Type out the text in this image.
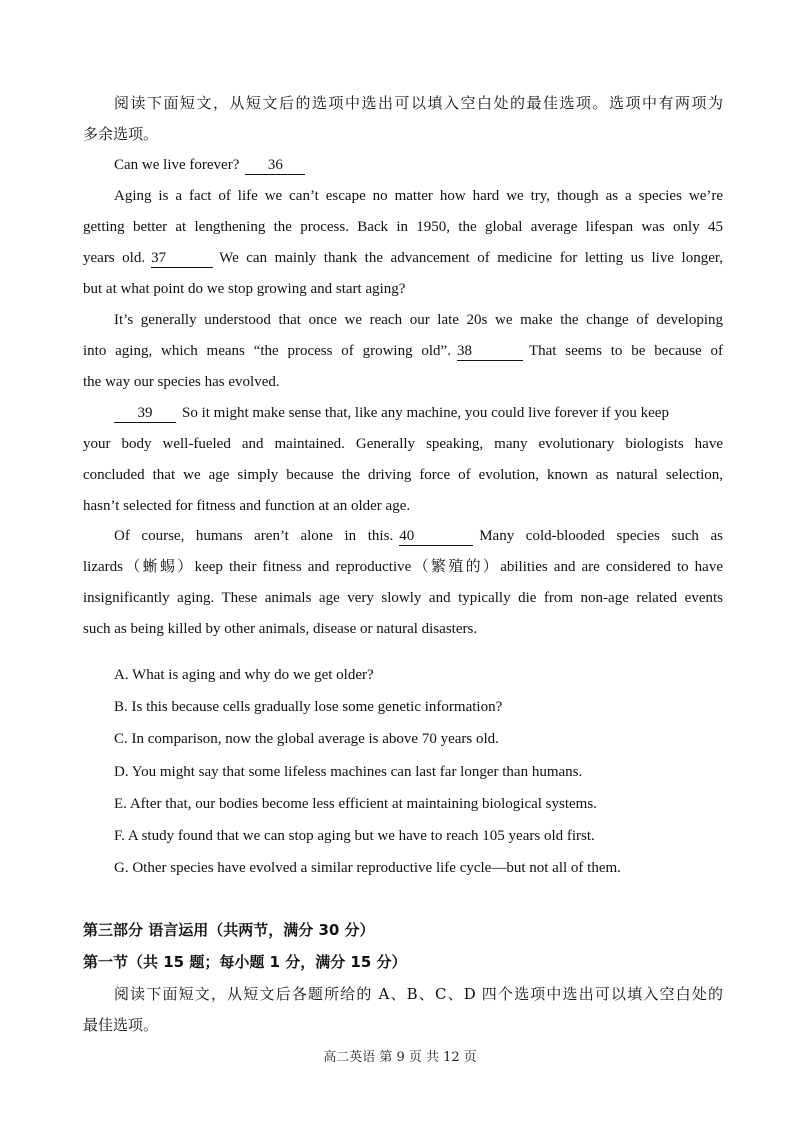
阅读下面短文，从短文后的选项中选出可以填入空白处的最佳选项。选项中有两项为
多余选项。
Can we live forever? 36
Aging is a fact of life we can’t escape no matter how hard we try, though as a species we’re
getting better at lengthening the process. Back in 1950, the global average lifespan was only 45
years old. 37	We can mainly thank the advancement of medicine for letting us live longer,
but at what point do we stop growing and start aging?
It’s generally understood that once we reach our late 20s we make the change of developing
into aging, which means “the process of growing old”. 38	That seems to be because of
the way our species has evolved.
39 So it might make sense that, like any machine, you could live forever if you keep
your body well-fueled and maintained. Generally speaking, many evolutionary biologists have
concluded that we age simply because the driving force of evolution, known as natural selection,
hasn’t selected for fitness and function at an older age.
Of course, humans aren’t alone in this. 40	Many cold-blooded species such as
lizards（蜥蜴）keep their fitness and reproductive（繁殖的）abilities and are considered to have
insignificantly aging. These animals age very slowly and typically die from non-age related events
such as being killed by other animals, disease or natural disasters.
A. What is aging and why do we get older?
B. Is this because cells gradually lose some genetic information?
C. In comparison, now the global average is above 70 years old.
D. You might say that some lifeless machines can last far longer than humans.
E. After that, our bodies become less efficient at maintaining biological systems.
F. A study found that we can stop aging but we have to reach 105 years old first.
G. Other species have evolved a similar reproductive life cycle—but not all of them.
第三部分 语言运用（共两节，满分 30 分）
第一节（共 15 题；每小题 1 分，满分 15 分）
阅读下面短文，从短文后各题所给的 A、B、C、D 四个选项中选出可以填入空白处的
最佳选项。
高二英语 第 9 页 共 12 页
